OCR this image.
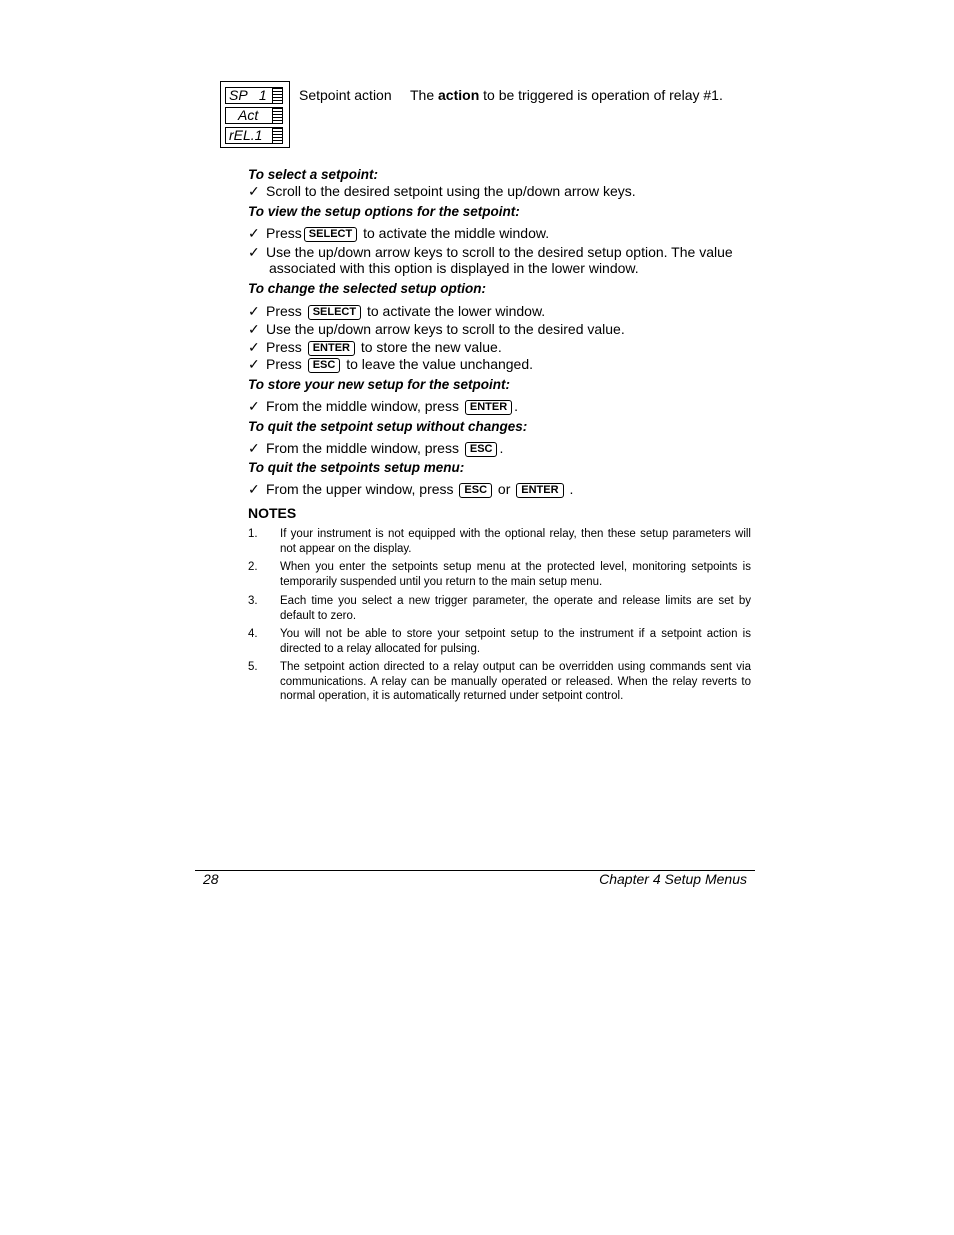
SP   1
Act
rEL.1
Setpoint action The action to be triggered is operation of relay #1.
To select a setpoint:
✓ Scroll to the desired setpoint using the up/down arrow keys.
To view the setup options for the setpoint:
✓ Press SELECT to activate the middle window.
✓ Use the up/down arrow keys to scroll to the desired setup option. The value
associated with this option is displayed in the lower window.
To change the selected setup option:
✓ Press SELECT to activate the lower window.
✓ Use the up/down arrow keys to scroll to the desired value.
✓ Press ENTER to store the new value.
✓ Press ESC to leave the value unchanged.
To store your new setup for the setpoint:
✓ From the middle window, press ENTER .
To quit the setpoint setup without changes:
✓ From the middle window, press ESC .
To quit the setpoints setup menu:
✓ From the upper window, press ESC or ENTER .
NOTES
1. If your instrument is not equipped with the optional relay, then these setup parameters will not appear on the display.
2. When you enter the setpoints setup menu at the protected level, monitoring setpoints is temporarily suspended until you return to the main setup menu.
3. Each time you select a new trigger parameter, the operate and release limits are set by default to zero.
4. You will not be able to store your setpoint setup to the instrument if a setpoint action is directed to a relay allocated for pulsing.
5. The setpoint action directed to a relay output can be overridden using commands sent via communications. A relay can be manually operated or released. When the relay reverts to normal operation, it is automatically returned under setpoint control.
28	Chapter 4 Setup Menus
